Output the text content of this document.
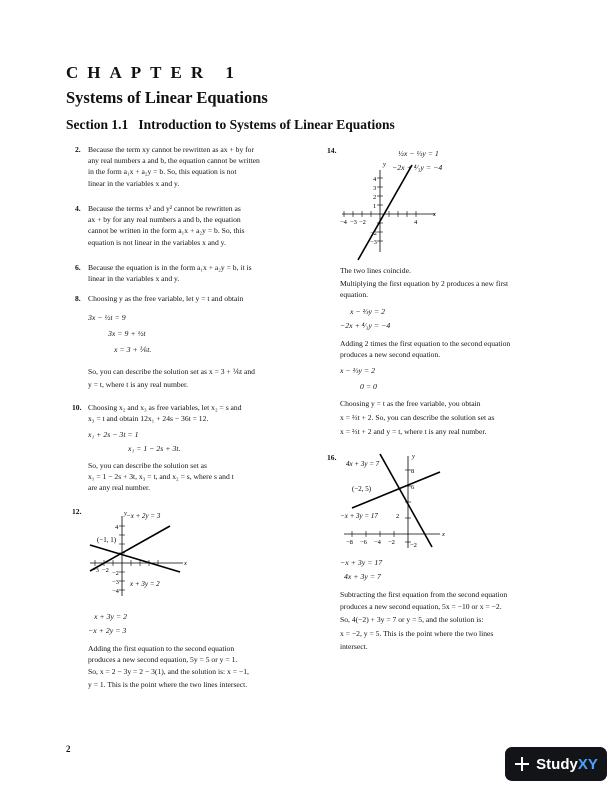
CHAPTER 1
Systems of Linear Equations
Section 1.1   Introduction to Systems of Linear Equations
2. Because the term xy cannot be rewritten as ax + by for
any real numbers a and b, the equation cannot be written
in the form a₁x + a₂y = b. So, this equation is not
linear in the variables x and y.
4. Because the terms x² and y² cannot be rewritten as
ax + by for any real numbers a and b, the equation
cannot be written in the form a₁x + a₂y = b. So, this
equation is not linear in the variables x and y.
6. Because the equation is in the form a₁x + a₂y = b, it is
linear in the variables x and y.
8. Choosing y as the free variable, let y = t and obtain
3x − ½t = 9
3x = 9 + ½t
x = 3 + ⅙t.
So, you can describe the solution set as x = 3 + ⅙t and
y = t, where t is any real number.
10. Choosing x₂ and x₃ as free variables, let x₂ = s and
x₃ = t and obtain 12x₁ + 24s − 36t = 12.
x₁ + 2s − 3t = 1
x₁ = 1 − 2s + 3t.
So, you can describe the solution set as
x₁ = 1 − 2s + 3t, x₃ = t, and x₂ = s, where s and t
are any real number.
12.	y
x
−x + 2y = 3
(−1, 1)
x + 3y = 2
4
−2
−3
−4
−3 −2
x + 3y = 2
−x + 2y = 3
Adding the first equation to the second equation
produces a new second equation, 5y = 5 or y = 1.
So, x = 2 − 3y = 2 − 3(1), and the solution is: x = −1,
y = 1. This is the point where the two lines intersect.
14.	½x − ⅓y = 1
−2x + ⁴⁄₃y = −4
y
x
4
3
2
1
−2
−3
−4 −3 −2	4
The two lines coincide.
Multiplying the first equation by 2 produces a new first
equation.
x − ⅔y = 2
−2x + ⁴⁄₃y = −4
Adding 2 times the first equation to the second equation
produces a new second equation.
x − ⅔y = 2
0 = 0
Choosing y = t as the free variable, you obtain
x = ⅔t + 2. So, you can describe the solution set as
x = ⅔t + 2 and y = t, where t is any real number.
16.	y
x
4x + 3y = 7
(−2, 5)
−x + 3y = 17
8
6
2
−2
−8 −6 −4 −2
−x + 3y = 17
4x + 3y = 7
Subtracting the first equation from the second equation
produces a new second equation, 5x = −10 or x = −2.
So, 4(−2) + 3y = 7 or y = 5, and the solution is:
x = −2, y = 5. This is the point where the two lines
intersect.
2
StudyXY
